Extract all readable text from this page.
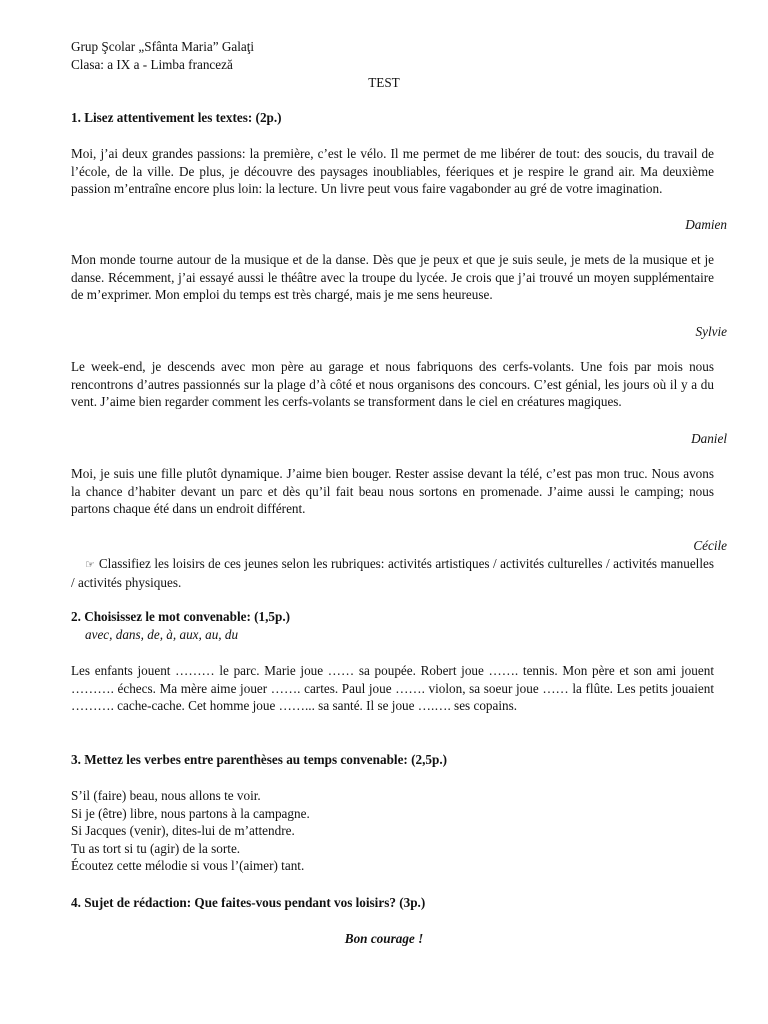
Grup Şcolar „Sfânta Maria” Galaţi
Clasa: a IX a - Limba franceză
TEST
1. Lisez attentivement les textes: (2p.)
Moi, j’ai deux grandes passions: la première, c’est le vélo. Il me permet de me libérer de tout: des soucis, du travail de l’école, de la ville. De plus, je découvre des paysages inoubliables, féeriques et je respire le grand air. Ma deuxième passion m’entraîne encore plus loin: la lecture. Un livre peut vous faire vagabonder au gré de votre imagination.
Damien
Mon monde tourne autour de la musique et de la danse. Dès que je peux et que je suis seule, je mets de la musique et je danse. Récemment, j’ai essayé aussi le théâtre avec la troupe du lycée. Je crois que j’ai trouvé un moyen supplémentaire de m’exprimer. Mon emploi du temps est très chargé, mais je me sens heureuse.
Sylvie
Le week-end, je descends avec mon père au garage et nous fabriquons des cerfs-volants. Une fois par mois nous rencontrons d’autres passionnés sur la plage d’à côté et nous organisons des concours. C’est génial, les jours où il y a du vent. J’aime bien regarder comment les cerfs-volants se transforment dans le ciel en créatures magiques.
Daniel
Moi, je suis une fille plutôt dynamique. J’aime bien bouger. Rester assise devant la télé, c’est pas mon truc. Nous avons la chance d’habiter devant un parc et dès qu’il fait beau nous sortons en promenade. J’aime aussi le camping; nous partons chaque été dans un endroit différent.
Cécile
☞ Classifiez les loisirs de ces jeunes selon les rubriques: activités artistiques / activités culturelles / activités manuelles / activités physiques.
2. Choisissez le mot convenable: (1,5p.)
avec, dans, de, à, aux, au, du
Les enfants jouent ……… le parc. Marie joue …… sa poupée. Robert joue ……. tennis. Mon père et son ami jouent ………. échecs. Ma mère aime jouer ……. cartes. Paul joue ……. violon, sa soeur joue …… la flûte. Les petits jouaient ………. cache-cache. Cet homme joue ……... sa santé. Il se joue ….…. ses copains.
3. Mettez les verbes entre parenthèses au temps convenable: (2,5p.)
S’il (faire) beau, nous allons te voir.
Si je (être) libre, nous partons à la campagne.
Si Jacques (venir), dites-lui de m’attendre.
Tu as tort si tu (agir) de la sorte.
Écoutez cette mélodie si vous l’(aimer) tant.
4. Sujet de rédaction: Que faites-vous pendant vos loisirs? (3p.)
Bon courage !
